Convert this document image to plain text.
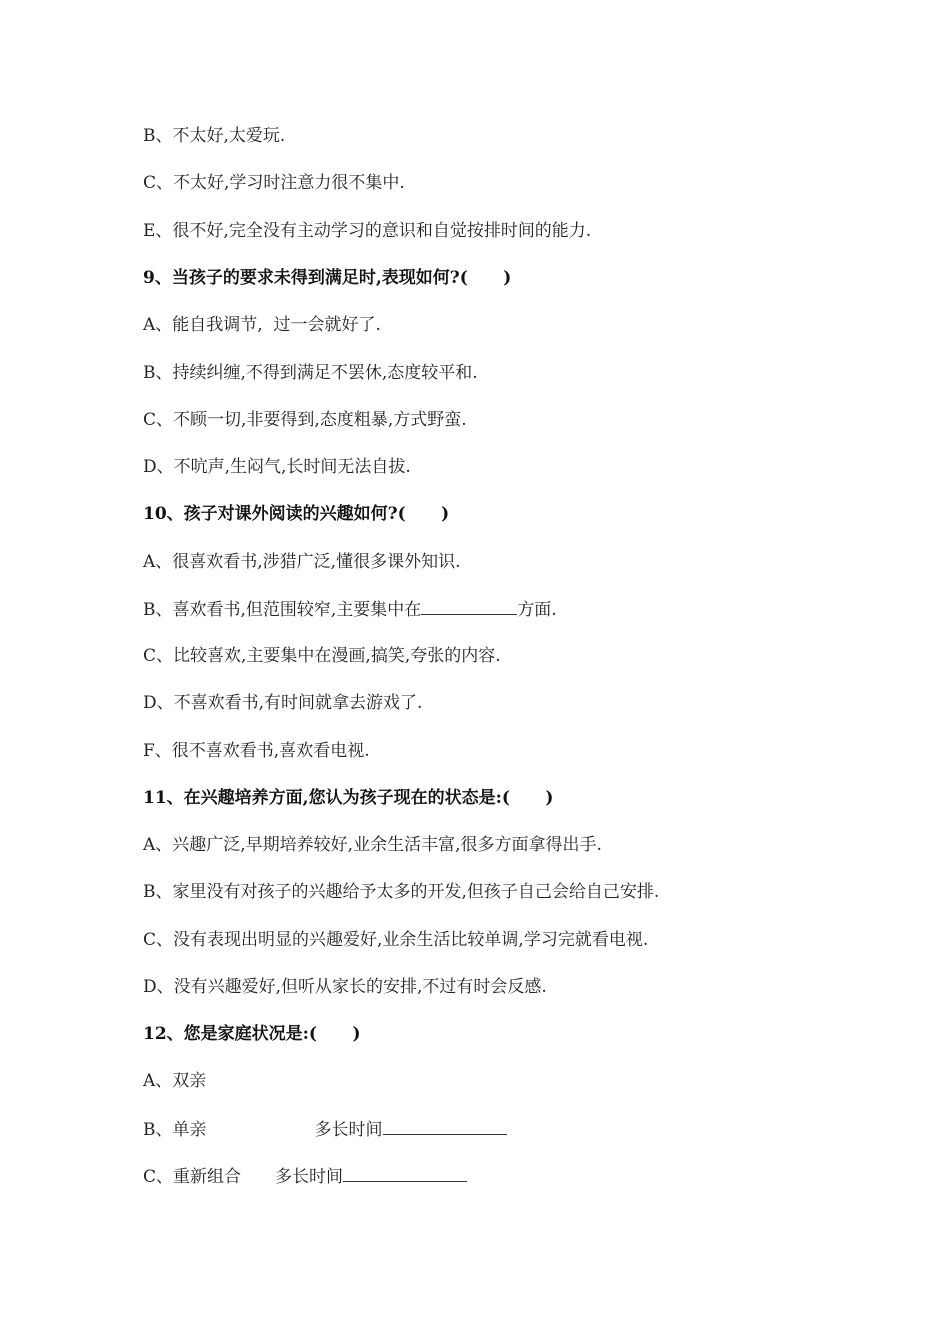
B、不太好,太爱玩.
C、不太好,学习时注意力很不集中.
E、很不好,完全没有主动学习的意识和自觉按排时间的能力.
9、当孩子的要求未得到满足时,表现如何?(      )
A、能自我调节,  过一会就好了.
B、持续纠缠,不得到满足不罢休,态度较平和.
C、不顾一切,非要得到,态度粗暴,方式野蛮.
D、不吭声,生闷气,长时间无法自拔.
10、孩子对课外阅读的兴趣如何?(      )
A、很喜欢看书,涉猎广泛,懂很多课外知识.
B、喜欢看书,但范围较窄,主要集中在	方面.
C、比较喜欢,主要集中在漫画,搞笑,夸张的内容.
D、不喜欢看书,有时间就拿去游戏了.
F、很不喜欢看书,喜欢看电视.
11、在兴趣培养方面,您认为孩子现在的状态是:(      )
A、兴趣广泛,早期培养较好,业余生活丰富,很多方面拿得出手.
B、家里没有对孩子的兴趣给予太多的开发,但孩子自己会给自己安排.
C、没有表现出明显的兴趣爱好,业余生活比较单调,学习完就看电视.
D、没有兴趣爱好,但听从家长的安排,不过有时会反感.
12、您是家庭状况是:(      )
A、双亲
B、单亲	多长时间
C、重新组合 多长时间
